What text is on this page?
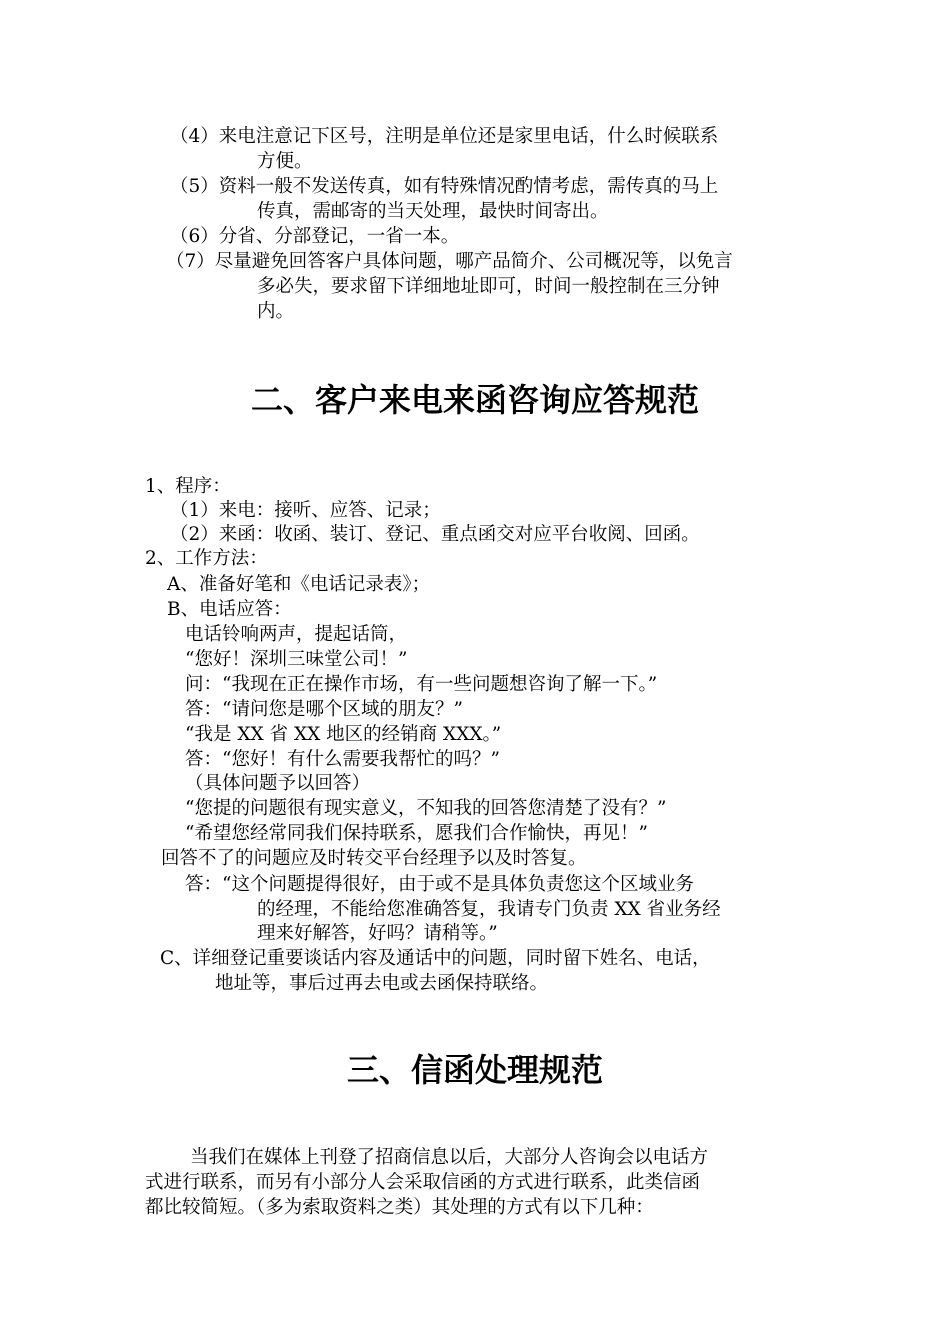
（4）来电注意记下区号，注明是单位还是家里电话，什么时候联系
方便。
（5）资料一般不发送传真，如有特殊情况酌情考虑，需传真的马上
传真，需邮寄的当天处理，最快时间寄出。
（6）分省、分部登记，一省一本。
（7）尽量避免回答客户具体问题，哪产品简介、公司概况等，以免言
多必失，要求留下详细地址即可，时间一般控制在三分钟
内。
二、客户来电来函咨询应答规范
1、程序：
（1）来电：接听、应答、记录；
（2）来函：收函、装订、登记、重点函交对应平台收阅、回函。
2、工作方法：
A、准备好笔和《电话记录表》；
B、电话应答：
电话铃响两声，提起话筒，
“您好！深圳三味堂公司！”
问：“我现在正在操作市场，有一些问题想咨询了解一下。”
答：“请问您是哪个区域的朋友？”
“我是 XX 省 XX 地区的经销商 XXX。”
答：“您好！有什么需要我帮忙的吗？”
（具体问题予以回答）
“您提的问题很有现实意义，不知我的回答您清楚了没有？”
“希望您经常同我们保持联系，愿我们合作愉快，再见！”
回答不了的问题应及时转交平台经理予以及时答复。
答：“这个问题提得很好，由于或不是具体负责您这个区域业务
的经理，不能给您准确答复，我请专门负责 XX 省业务经
理来好解答，好吗？请稍等。”
C、详细登记重要谈话内容及通话中的问题，同时留下姓名、电话，
地址等，事后过再去电或去函保持联络。
三、信函处理规范
当我们在媒体上刊登了招商信息以后，大部分人咨询会以电话方
式进行联系，而另有小部分人会采取信函的方式进行联系，此类信函
都比较简短。（多为索取资料之类）其处理的方式有以下几种：
